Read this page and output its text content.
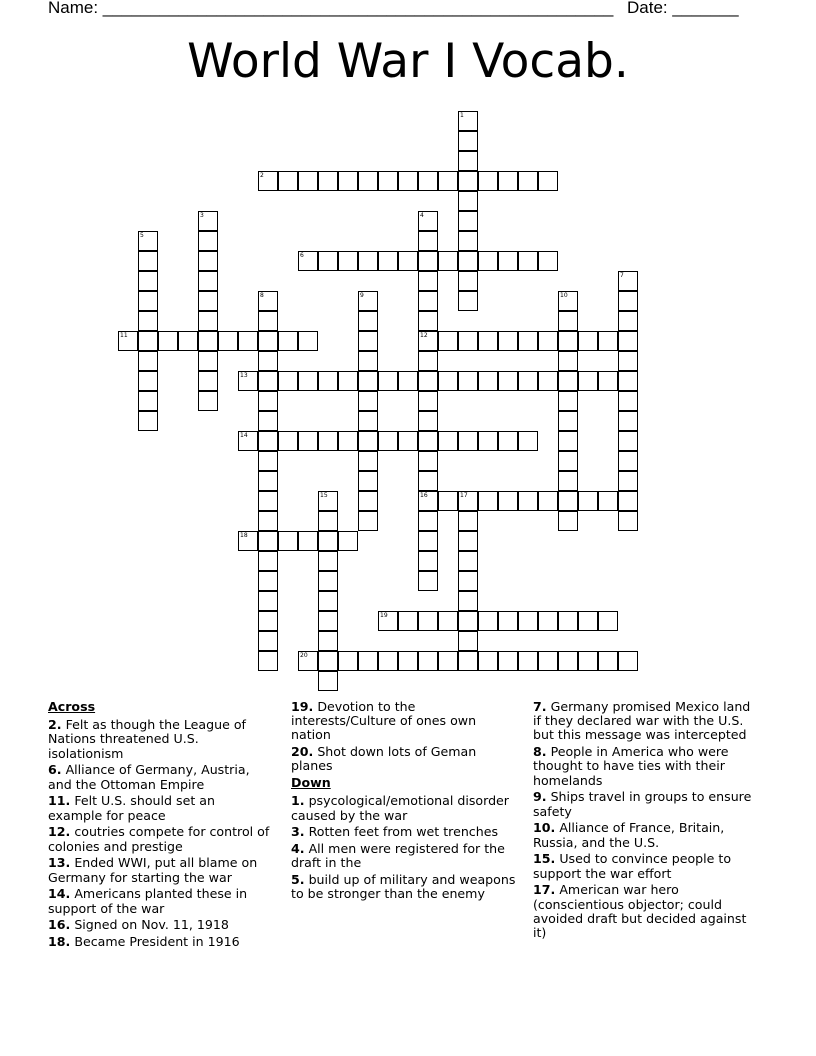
Name: ______________________________________________________ Date: _______
World War I Vocab.
1
2
3	4
12
16
5
6
7
8	9	10
11
13
14
15	17
18
19
20
Across
2. Felt as though the League of Nations threatened U.S. isolationism
6. Alliance of Germany, Austria, and the Ottoman Empire
11. Felt U.S. should set an example for peace
12. coutries compete for control of colonies and prestige
13. Ended WWI, put all blame on Germany for starting the war
14. Americans planted these in support of the war
16. Signed on Nov. 11, 1918
18. Became President in 1916
19. Devotion to the interests/Culture of ones own nation
20. Shot down lots of Geman planes
Down
1. psycological/emotional disorder caused by the war
3. Rotten feet from wet trenches
4. All men were registered for the draft in the
5. build up of military and weapons to be stronger than the enemy
7. Germany promised Mexico land if they declared war with the U.S. but this message was intercepted
8. People in America who were thought to have ties with their homelands
9. Ships travel in groups to ensure safety
10. Alliance of France, Britain, Russia, and the U.S.
15. Used to convince people to support the war effort
17. American war hero (conscientious objector; could avoided draft but decided against it)
